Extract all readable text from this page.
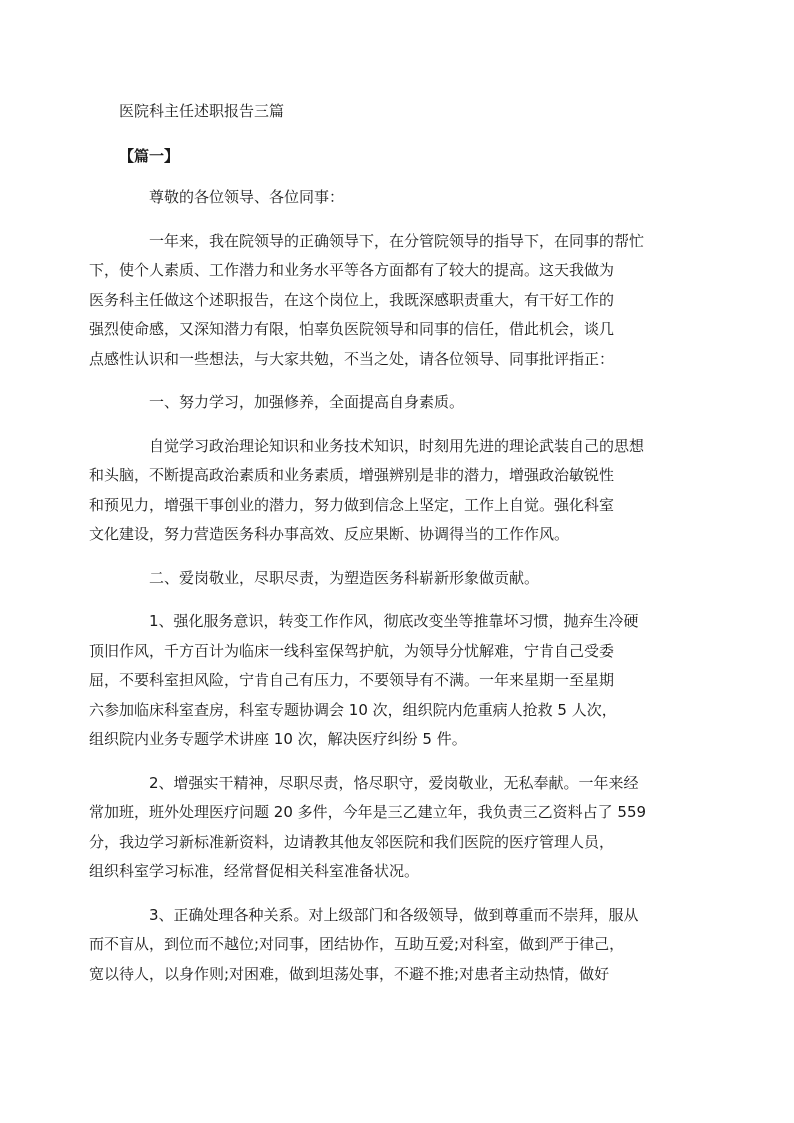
医院科主任述职报告三篇
【篇一】

尊敬的各位领导、各位同事：

一年来，我在院领导的正确领导下，在分管院领导的指导下，在同事的帮忙
下，使个人素质、工作潜力和业务水平等各方面都有了较大的提高。这天我做为
医务科主任做这个述职报告，在这个岗位上，我既深感职责重大，有干好工作的
强烈使命感，又深知潜力有限，怕辜负医院领导和同事的信任，借此机会，谈几
点感性认识和一些想法，与大家共勉，不当之处，请各位领导、同事批评指正：

一、努力学习，加强修养，全面提高自身素质。

自觉学习政治理论知识和业务技术知识，时刻用先进的理论武装自己的思想
和头脑，不断提高政治素质和业务素质，增强辨别是非的潜力，增强政治敏锐性
和预见力，增强干事创业的潜力，努力做到信念上坚定，工作上自觉。强化科室
文化建设，努力营造医务科办事高效、反应果断、协调得当的工作作风。

二、爱岗敬业，尽职尽责，为塑造医务科崭新形象做贡献。

1、强化服务意识，转变工作作风，彻底改变坐等推靠坏习惯，抛弃生冷硬
顶旧作风，千方百计为临床一线科室保驾护航，为领导分忧解难，宁肯自己受委
屈，不要科室担风险，宁肯自己有压力，不要领导有不满。一年来星期一至星期
六参加临床科室查房，科室专题协调会 10 次，组织院内危重病人抢救 5 人次，
组织院内业务专题学术讲座 10 次，解决医疗纠纷 5 件。

2、增强实干精神，尽职尽责，恪尽职守，爱岗敬业，无私奉献。一年来经
常加班，班外处理医疗问题 20 多件，今年是三乙建立年，我负责三乙资料占了 559
分，我边学习新标准新资料，边请教其他友邻医院和我们医院的医疗管理人员，
组织科室学习标准，经常督促相关科室准备状况。

3、正确处理各种关系。对上级部门和各级领导，做到尊重而不崇拜，服从
而不盲从，到位而不越位;对同事，团结协作，互助互爱;对科室，做到严于律己，
宽以待人，以身作则;对困难，做到坦荡处事，不避不推;对患者主动热情，做好
